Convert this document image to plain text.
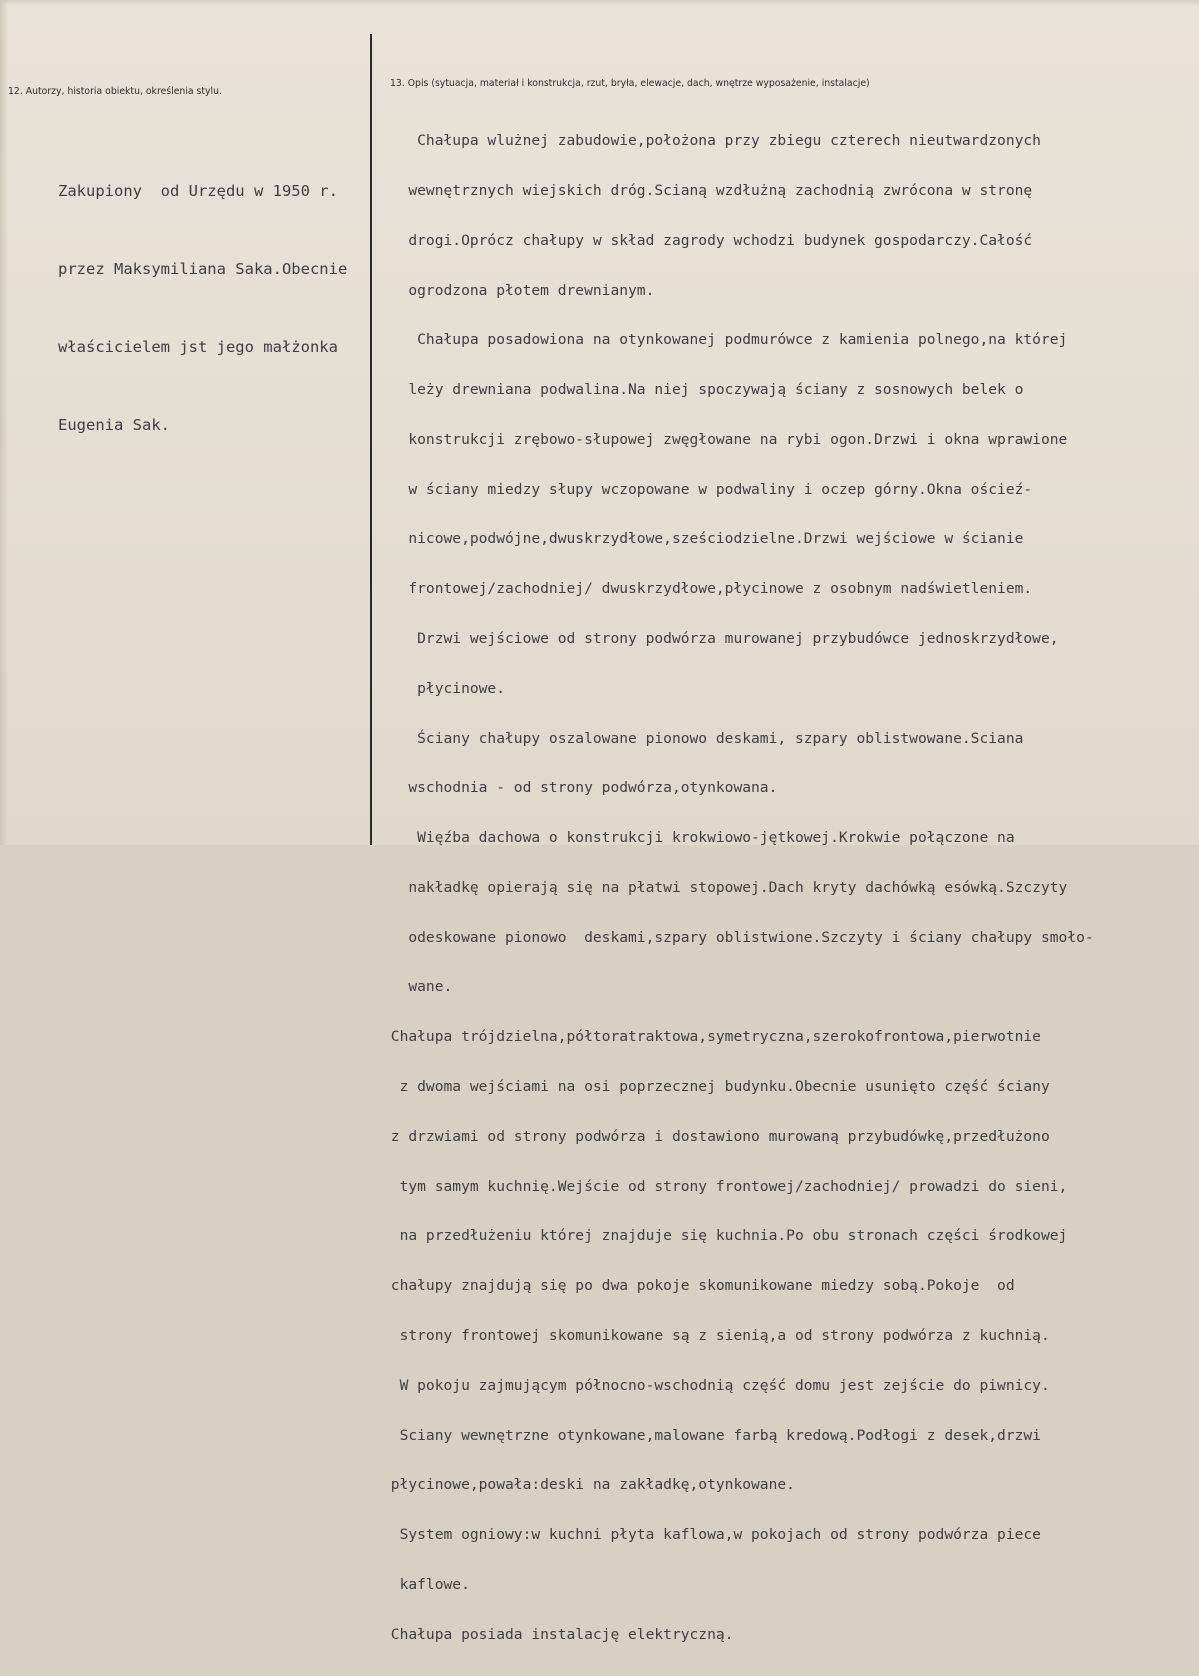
12. Autorzy, historia obiektu, określenia stylu.
13. Opis (sytuacja, materiał i konstrukcja, rzut, bryła, elewacje, dach, wnętrze wyposażenie, instalacje)

Zakupiony  od Urzędu w 1950 r.

przez Maksymiliana Saka.Obecnie

właścicielem jst jego małżonka

Eugenia Sak.

Chałupa wlużnej zabudowie,położona przy zbiegu czterech nieutwardzonych

wewnętrznych wiejskich dróg.Scianą wzdłużną zachodnią zwrócona w stronę

drogi.Oprócz chałupy w skład zagrody wchodzi budynek gospodarczy.Całość

ogrodzona płotem drewnianym.

Chałupa posadowiona na otynkowanej podmurówce z kamienia polnego,na której

leży drewniana podwalina.Na niej spoczywają ściany z sosnowych belek o

konstrukcji zrębowo-słupowej zwęgłowane na rybi ogon.Drzwi i okna wprawione

w ściany miedzy słupy wczopowane w podwaliny i oczep górny.Okna ościeź-

nicowe,podwójne,dwuskrzydłowe,sześciodzielne.Drzwi wejściowe w ścianie

frontowej/zachodniej/ dwuskrzydłowe,płycinowe z osobnym nadświetleniem.

Drzwi wejściowe od strony podwórza murowanej przybudówce jednoskrzydłowe,

płycinowe.

Ściany chałupy oszalowane pionowo deskami, szpary oblistwowane.Sciana

wschodnia - od strony podwórza,otynkowana.

Więźba dachowa o konstrukcji krokwiowo-jętkowej.Krokwie połączone na

nakładkę opierają się na płatwi stopowej.Dach kryty dachówką esówką.Szczyty

odeskowane pionowo  deskami,szpary oblistwione.Szczyty i ściany chałupy smoło-

wane.

Chałupa trójdzielna,półtoratraktowa,symetryczna,szerokofrontowa,pierwotnie

z dwoma wejściami na osi poprzecznej budynku.Obecnie usunięto część ściany

z drzwiami od strony podwórza i dostawiono murowaną przybudówkę,przedłużono

tym samym kuchnię.Wejście od strony frontowej/zachodniej/ prowadzi do sieni,

na przedłużeniu której znajduje się kuchnia.Po obu stronach części środkowej

chałupy znajdują się po dwa pokoje skomunikowane miedzy sobą.Pokoje  od

strony frontowej skomunikowane są z sienią,a od strony podwórza z kuchnią.

W pokoju zajmującym północno-wschodnią część domu jest zejście do piwnicy.

Sciany wewnętrzne otynkowane,malowane farbą kredową.Podłogi z desek,drzwi

płycinowe,powała:deski na zakładkę,otynkowane.

System ogniowy:w kuchni płyta kaflowa,w pokojach od strony podwórza piece

kaflowe.

Chałupa posiada instalację elektryczną.
